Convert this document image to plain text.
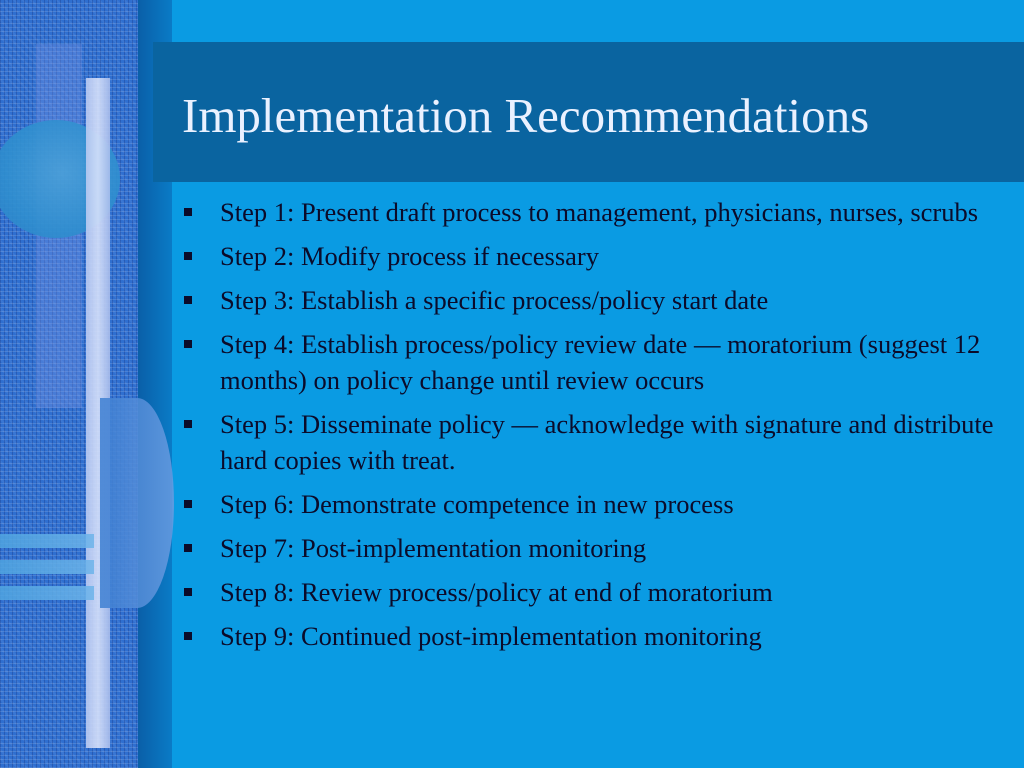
Implementation Recommendations
Step 1: Present draft process to management, physicians, nurses, scrubs
Step 2: Modify process if necessary
Step 3: Establish a specific process/policy start date
Step 4: Establish process/policy review date — moratorium (suggest 12 months) on policy change until review occurs
Step 5: Disseminate policy — acknowledge with signature and distribute hard copies with treat.
Step 6: Demonstrate competence in new process
Step 7: Post-implementation monitoring
Step 8: Review process/policy at end of moratorium
Step 9: Continued post-implementation monitoring
